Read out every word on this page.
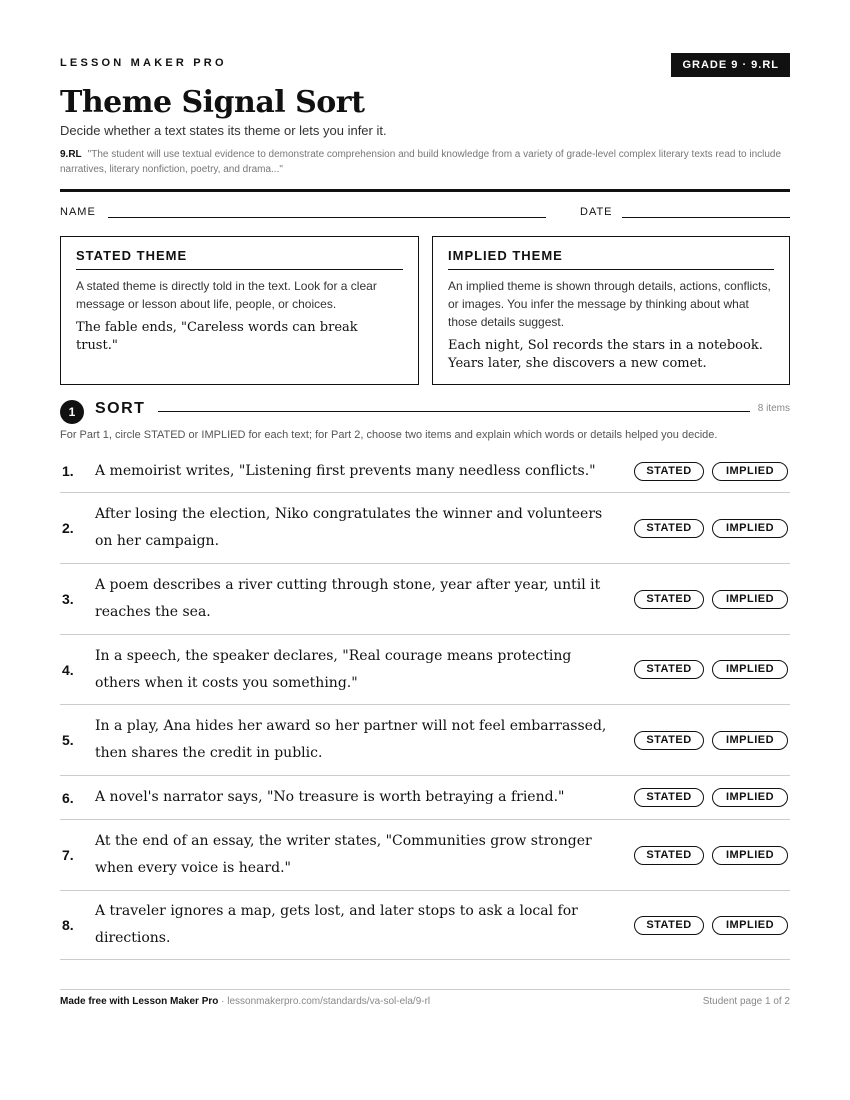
LESSON MAKER PRO	GRADE 9 · 9.RL
Theme Signal Sort
Decide whether a text states its theme or lets you infer it.
9.RL "The student will use textual evidence to demonstrate comprehension and build knowledge from a variety of grade-level complex literary texts read to include narratives, literary nonfiction, poetry, and drama..."
NAME	DATE
STATED THEME
A stated theme is directly told in the text. Look for a clear message or lesson about life, people, or choices.
The fable ends, "Careless words can break trust."
IMPLIED THEME
An implied theme is shown through details, actions, conflicts, or images. You infer the message by thinking about what those details suggest.
Each night, Sol records the stars in a notebook. Years later, she discovers a new comet.
1	SORT	8 items
For Part 1, circle STATED or IMPLIED for each text; for Part 2, choose two items and explain which words or details helped you decide.
1. A memoirist writes, "Listening first prevents many needless conflicts."	STATED	IMPLIED
2.
After losing the election, Niko congratulates the winner and volunteers on her campaign.
STATED	IMPLIED
3.
A poem describes a river cutting through stone, year after year, until it reaches the sea.
STATED	IMPLIED
4.
In a speech, the speaker declares, "Real courage means protecting others when it costs you something."
STATED	IMPLIED
5.
In a play, Ana hides her award so her partner will not feel embarrassed, then shares the credit in public.
STATED	IMPLIED
6. A novel's narrator says, "No treasure is worth betraying a friend."	STATED	IMPLIED
7.
At the end of an essay, the writer states, "Communities grow stronger when every voice is heard."
STATED	IMPLIED
8.
A traveler ignores a map, gets lost, and later stops to ask a local for directions.
STATED	IMPLIED
Made free with Lesson Maker Pro · lessonmakerpro.com/standards/va-sol-ela/9-rl	Student page 1 of 2
